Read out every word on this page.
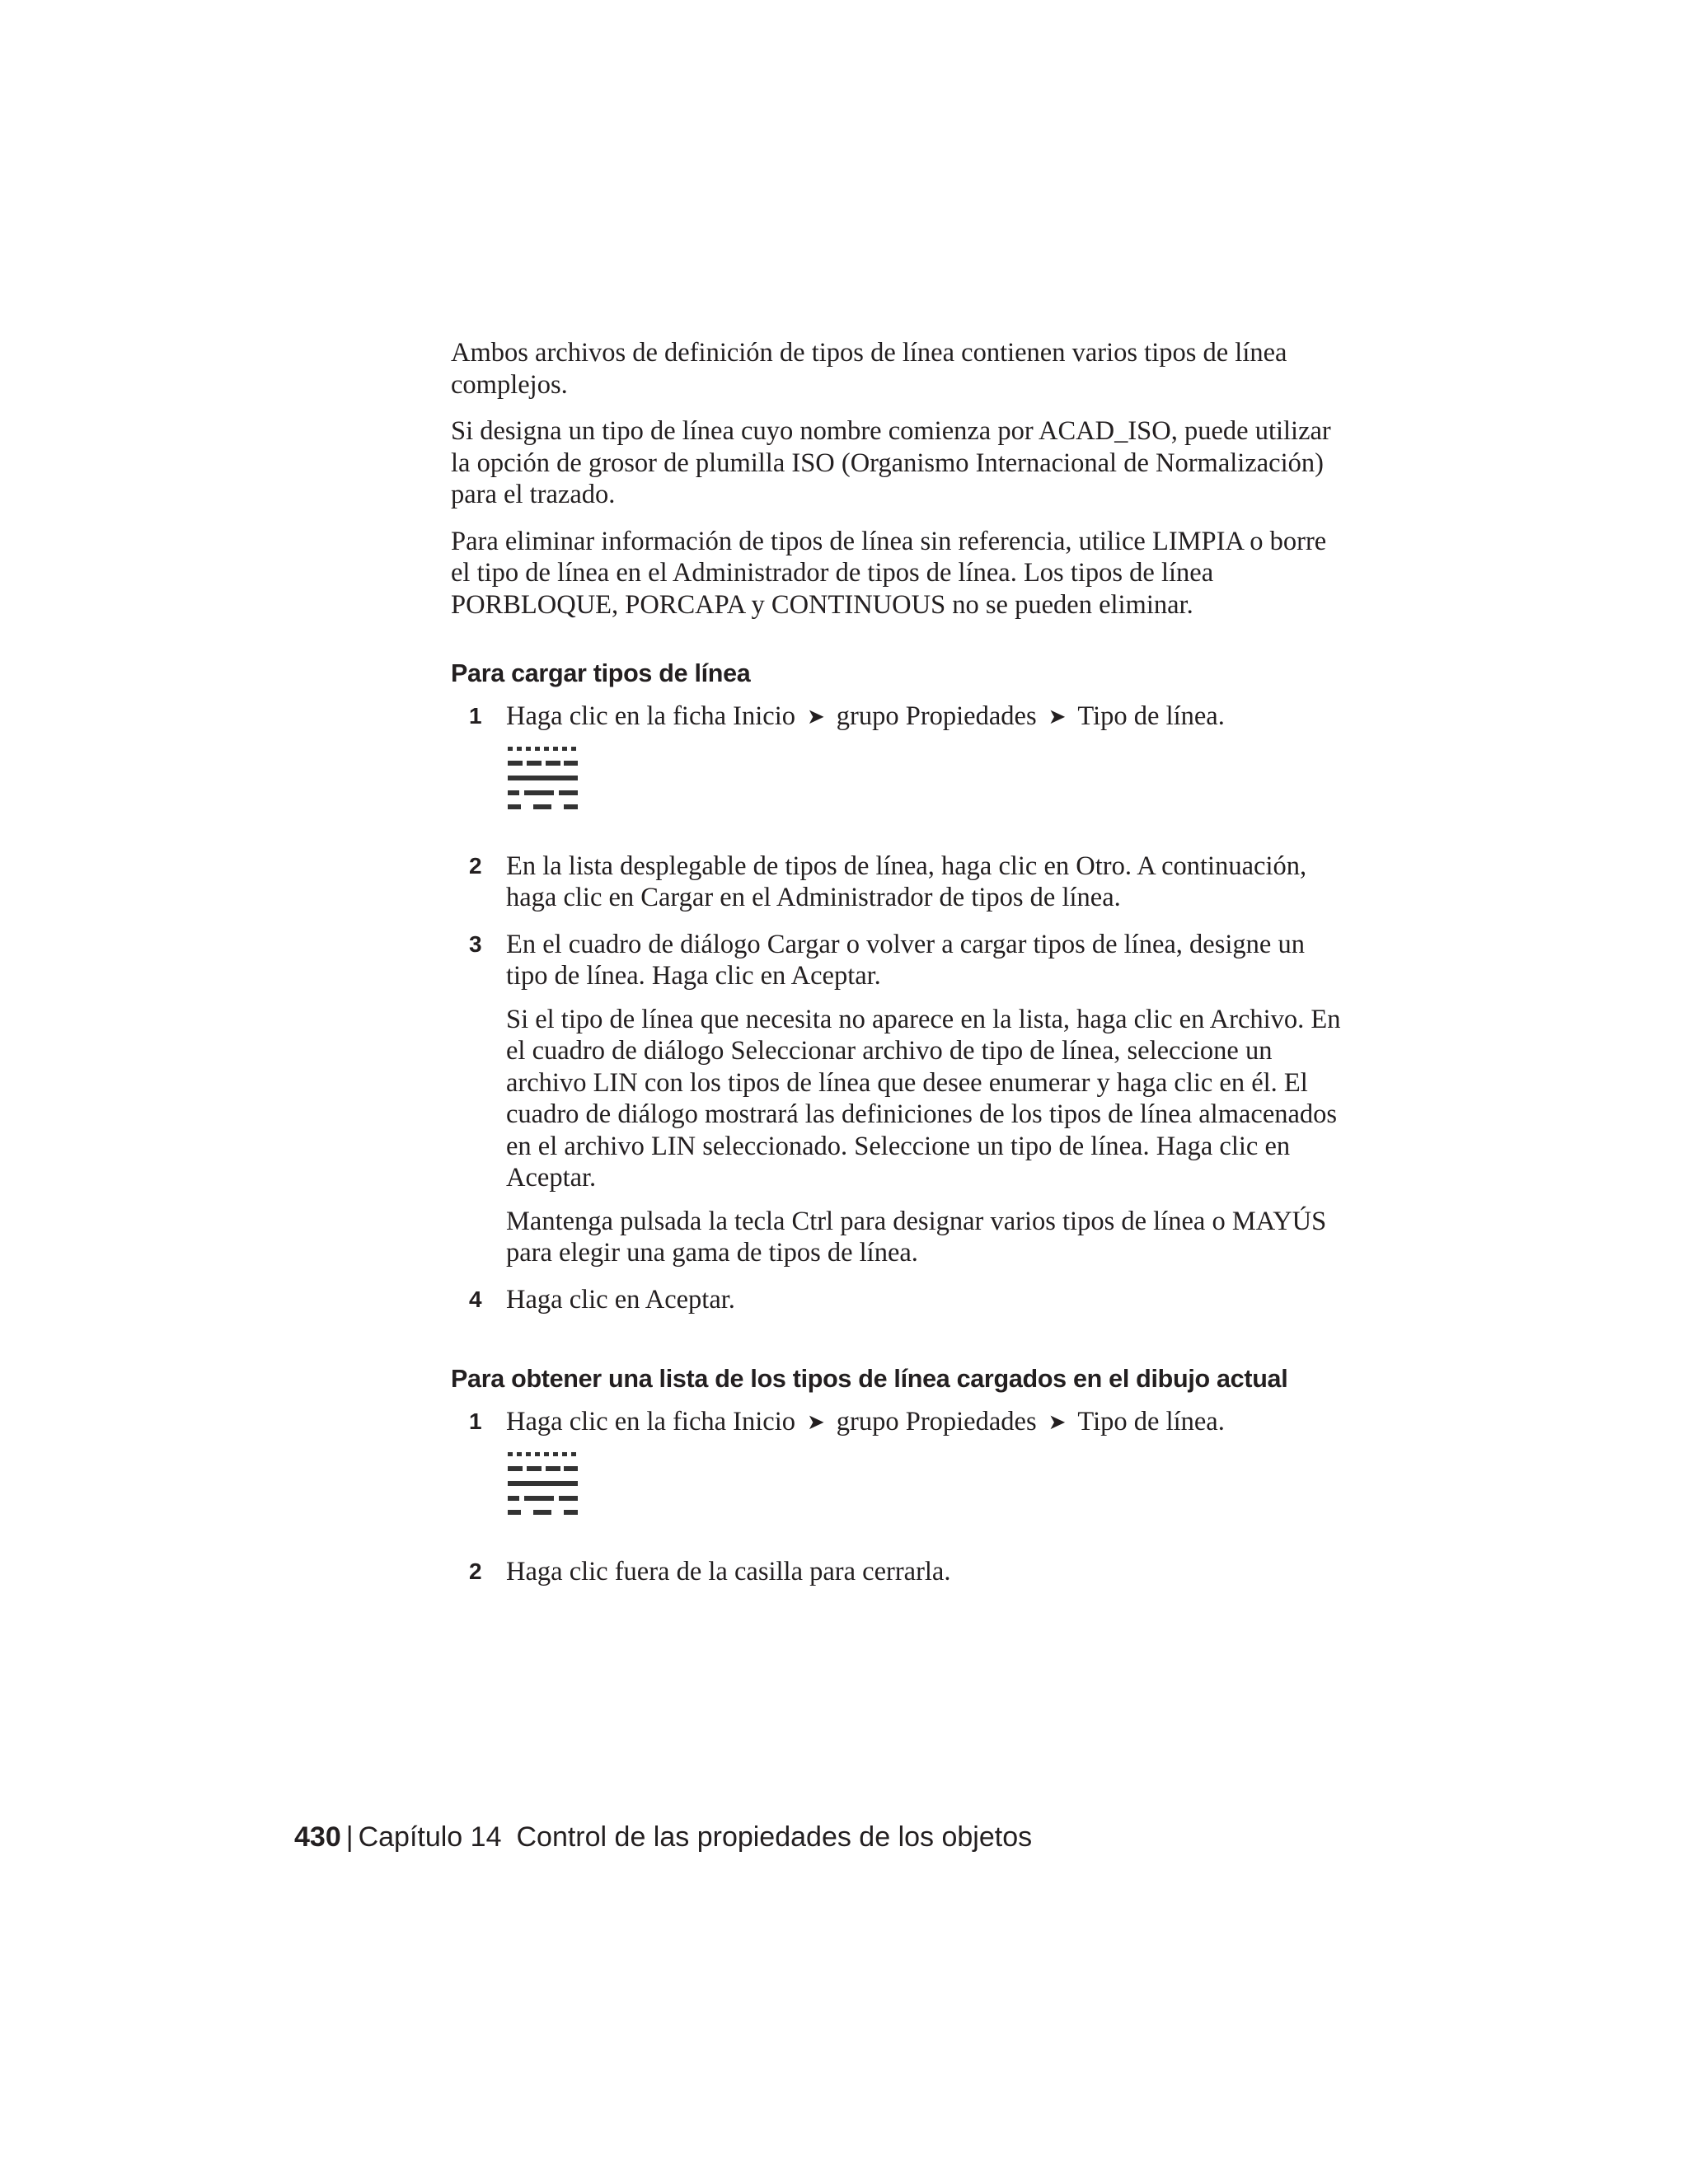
Ambos archivos de definición de tipos de línea contienen varios tipos de línea complejos.

Si designa un tipo de línea cuyo nombre comienza por ACAD_ISO, puede utilizar la opción de grosor de plumilla ISO (Organismo Internacional de Normalización) para el trazado.

Para eliminar información de tipos de línea sin referencia, utilice LIMPIA o borre el tipo de línea en el Administrador de tipos de línea. Los tipos de línea PORBLOQUE, PORCAPA y CONTINUOUS no se pueden eliminar.

Para cargar tipos de línea
1 Haga clic en la ficha Inicio ➤ grupo Propiedades ➤ Tipo de línea.

2 En la lista desplegable de tipos de línea, haga clic en Otro. A continuación, haga clic en Cargar en el Administrador de tipos de línea.

3 En el cuadro de diálogo Cargar o volver a cargar tipos de línea, designe un tipo de línea. Haga clic en Aceptar.

Si el tipo de línea que necesita no aparece en la lista, haga clic en Archivo. En el cuadro de diálogo Seleccionar archivo de tipo de línea, seleccione un archivo LIN con los tipos de línea que desee enumerar y haga clic en él. El cuadro de diálogo mostrará las definiciones de los tipos de línea almacenados en el archivo LIN seleccionado. Seleccione un tipo de línea. Haga clic en Aceptar.

Mantenga pulsada la tecla Ctrl para designar varios tipos de línea o MAYÚS para elegir una gama de tipos de línea.

4 Haga clic en Aceptar.

Para obtener una lista de los tipos de línea cargados en el dibujo actual
1 Haga clic en la ficha Inicio ➤ grupo Propiedades ➤ Tipo de línea.

2 Haga clic fuera de la casilla para cerrarla.

430 | Capítulo 14 Control de las propiedades de los objetos
